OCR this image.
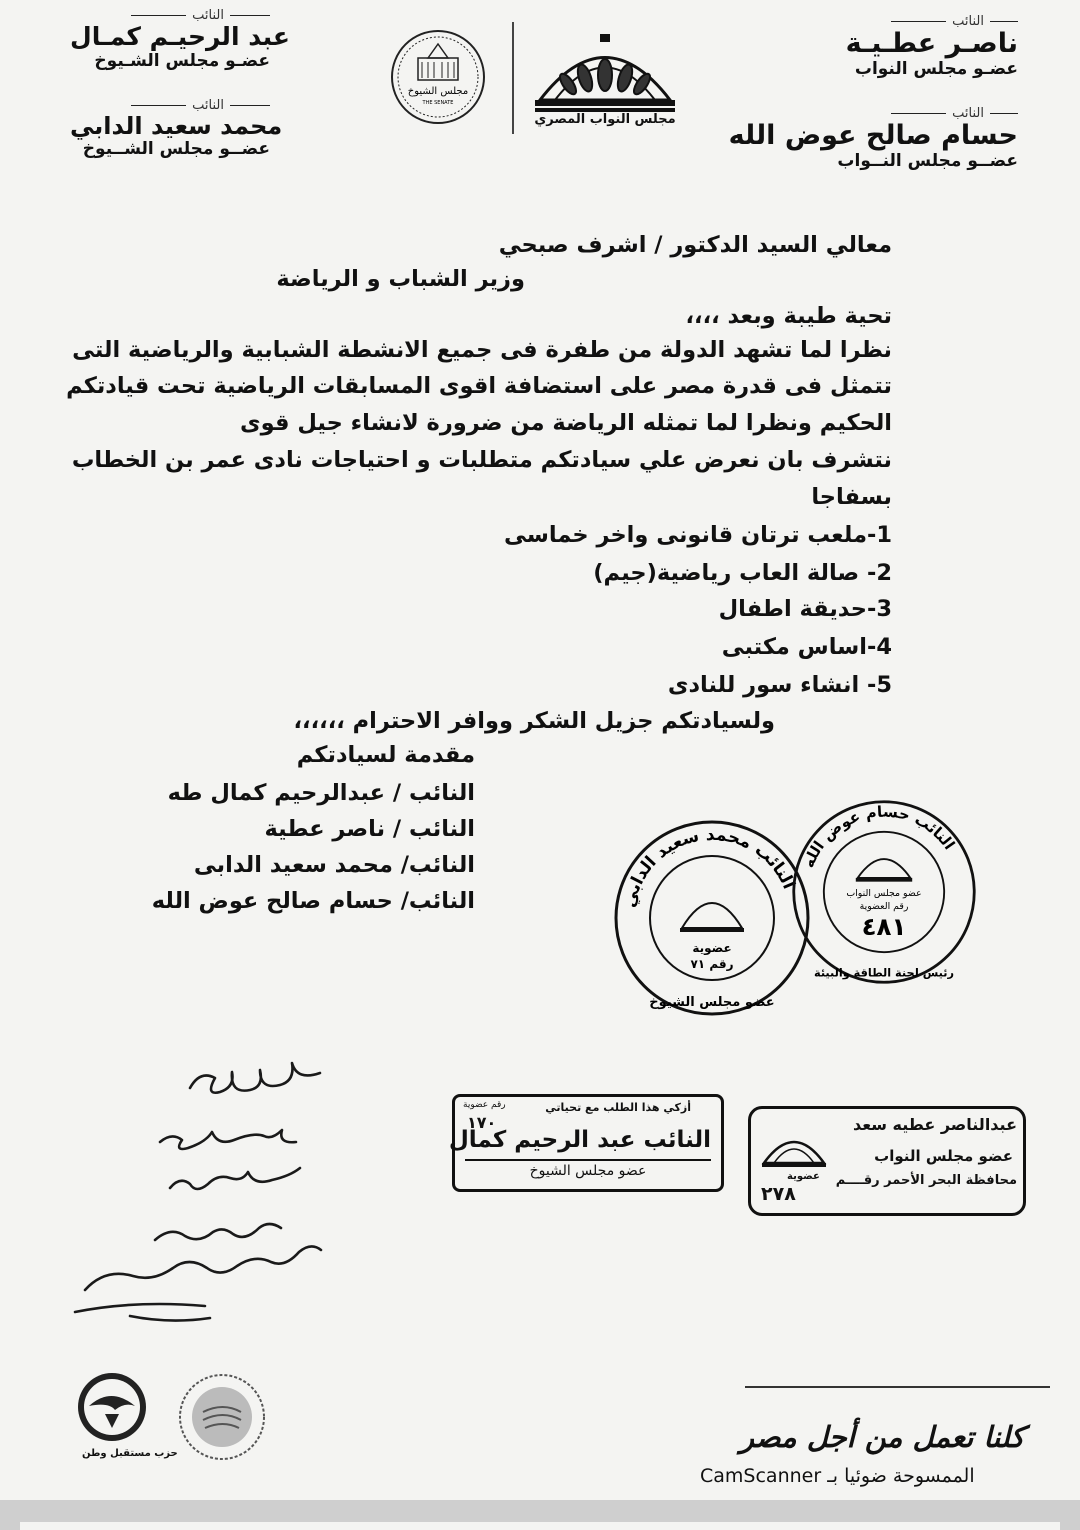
النائب
ناصـر عطـيـة
عضـو مجلس النواب
النائب
حسام صالح عوض الله
عضــو مجلس النــواب
النائب
عبد الرحيـم كمـال
عضـو مجلس الشـيوخ
النائب
محمد سعيد الدابي
عضــو مجلس الشــيوخ
مجلس الشيوخ
THE SENATE
مجلس النواب المصري
معالي السيد الدكتور / اشرف صبحي
وزير الشباب و الرياضة
تحية طيبة وبعد ،،،،
نظرا لما تشهد الدولة من طفرة فى جميع الانشطة الشبابية والرياضية التى
تتمثل فى قدرة مصر على استضافة اقوى المسابقات الرياضية تحت قيادتكم
الحكيم ونظرا لما تمثله الرياضة من ضرورة لانشاء جيل قوى
نتشرف بان نعرض علي سيادتكم متطلبات و احتياجات نادى عمر بن الخطاب
بسفاجا
1-ملعب ترتان قانونى واخر خماسى
2- صالة العاب رياضية(جيم)
3-حديقة اطفال
4-اساس مكتبى
5- انشاء سور للنادى
ولسيادتكم جزيل الشكر ووافر الاحترام ،،،،،،
مقدمة لسيادتكم
النائب / عبدالرحيم كمال طه
النائب / ناصر عطية
النائب/ محمد سعيد الدابى
النائب/ حسام صالح عوض الله	النائب محمد سعيد الدابي
عضو مجلس الشيوخ
عضوية
رقم ٧١
النائب حسام عوض الله
رئيس لجنة الطاقة والبيئة
عضو مجلس النواب
رقم العضوية
٤٨١
أزكي هذا الطلب مع تحياتي
رقم عضوية
١٧٠
النائب عبد الرحيم كمال
عضو مجلس الشيوخ
عبدالناصر عطيه سعد
عضو مجلس النواب
محافظة البحر الأحمر رقــــم
عضوية
٢٧٨
حزب مستقبل وطن	كلنا تعمل من أجل مصر
الممسوحة ضوئيا بـ CamScanner
